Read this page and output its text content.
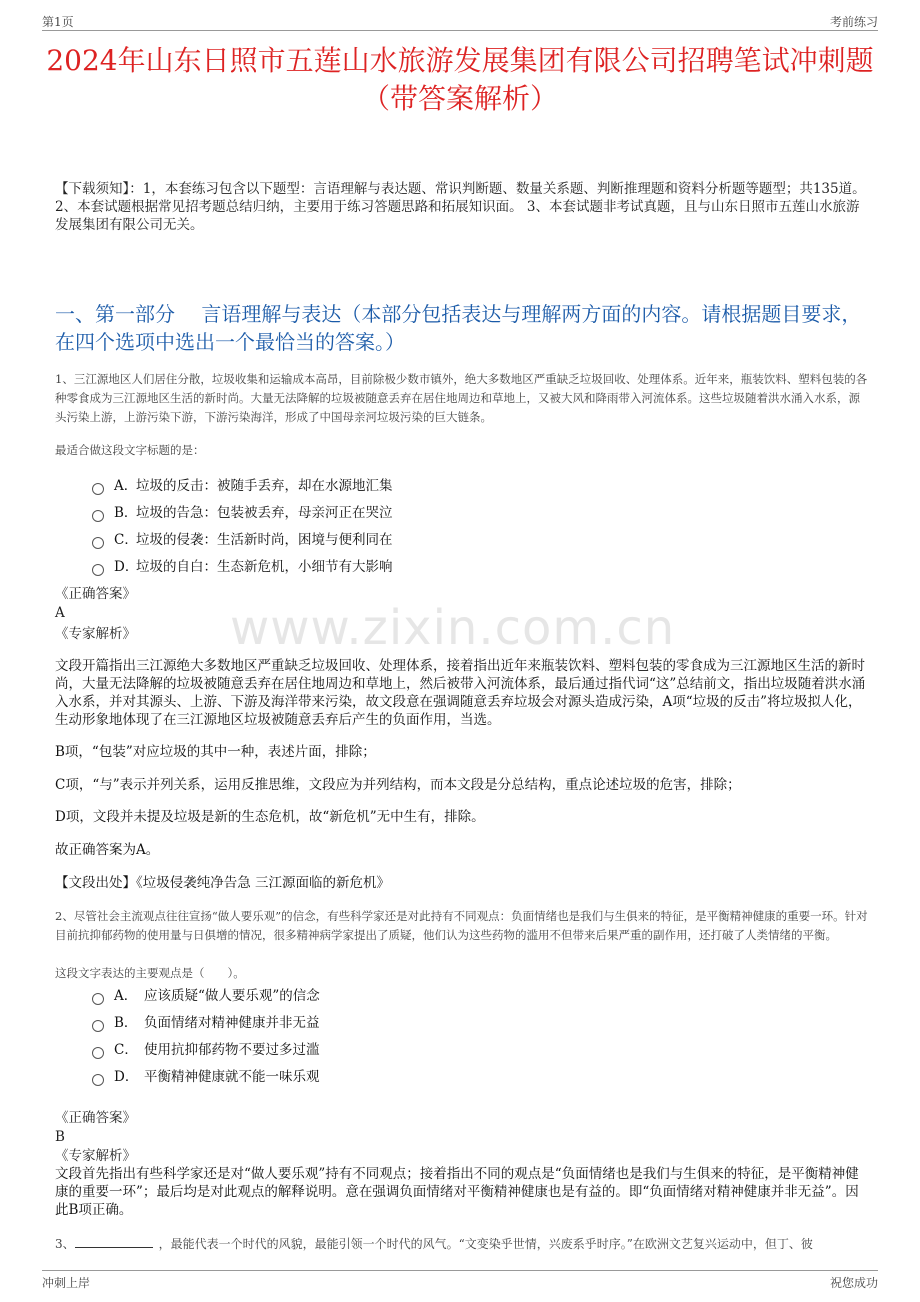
第1页	考前练习
2024年山东日照市五莲山水旅游发展集团有限公司招聘笔试冲刺题（带答案解析）
【下载须知】：1，本套练习包含以下题型：言语理解与表达题、常识判断题、数量关系题、判断推理题和资料分析题等题型；共135道。 2、本套试题根据常见招考题总结归纳，主要用于练习答题思路和拓展知识面。 3、本套试题非考试真题，且与山东日照市五莲山水旅游发展集团有限公司无关。
一、第一部分　 言语理解与表达（本部分包括表达与理解两方面的内容。请根据题目要求，在四个选项中选出一个最恰当的答案。）
www.zixin.com.cn
1、三江源地区人们居住分散，垃圾收集和运输成本高昂，目前除极少数市镇外，绝大多数地区严重缺乏垃圾回收、处理体系。近年来，瓶装饮料、塑料包装的各种零食成为三江源地区生活的新时尚。大量无法降解的垃圾被随意丢弃在居住地周边和草地上，又被大风和降雨带入河流体系。这些垃圾随着洪水涌入水系，源头污染上游，上游污染下游，下游污染海洋，形成了中国母亲河垃圾污染的巨大链条。
最适合做这段文字标题的是：
A．
垃圾的反击：被随手丢弃，却在水源地汇集
B．
垃圾的告急：包装被丢弃，母亲河正在哭泣
C．
垃圾的侵袭：生活新时尚，困境与便利同在
D．
垃圾的自白：生态新危机，小细节有大影响
《正确答案》
A
《专家解析》
文段开篇指出三江源绝大多数地区严重缺乏垃圾回收、处理体系，接着指出近年来瓶装饮料、塑料包装的零食成为三江源地区生活的新时尚，大量无法降解的垃圾被随意丢弃在居住地周边和草地上，然后被带入河流体系，最后通过指代词“这”总结前文，指出垃圾随着洪水涌入水系，并对其源头、上游、下游及海洋带来污染，故文段意在强调随意丢弃垃圾会对源头造成污染，A项“垃圾的反击”将垃圾拟人化，生动形象地体现了在三江源地区垃圾被随意丢弃后产生的负面作用，当选。
B项，“包装”对应垃圾的其中一种，表述片面，排除；
C项，“与”表示并列关系，运用反推思维，文段应为并列结构，而本文段是分总结构，重点论述垃圾的危害，排除；
D项，文段并未提及垃圾是新的生态危机，故“新危机”无中生有，排除。
故正确答案为A。
【文段出处】《垃圾侵袭纯净告急 三江源面临的新危机》
2、尽管社会主流观点往往宣扬“做人要乐观”的信念，有些科学家还是对此持有不同观点：负面情绪也是我们与生俱来的特征，是平衡精神健康的重要一环。针对目前抗抑郁药物的使用量与日俱增的情况，很多精神病学家提出了质疑，他们认为这些药物的滥用不但带来后果严重的副作用，还打破了人类情绪的平衡。
这段文字表达的主要观点是（　　）。
A． 应该质疑“做人要乐观”的信念
B． 负面情绪对精神健康并非无益
C． 使用抗抑郁药物不要过多过滥
D． 平衡精神健康就不能一味乐观
《正确答案》
B
《专家解析》
文段首先指出有些科学家还是对“做人要乐观”持有不同观点；接着指出不同的观点是“负面情绪也是我们与生俱来的特征，是平衡精神健康的重要一环”；最后均是对此观点的解释说明。意在强调负面情绪对平衡精神健康也是有益的。即“负面情绪对精神健康并非无益”。因此B项正确。
3、	，最能代表一个时代的风貌，最能引领一个时代的风气。“文变染乎世情，兴废系乎时序。”在欧洲文艺复兴运动中，但丁、彼
冲刺上岸	祝您成功
